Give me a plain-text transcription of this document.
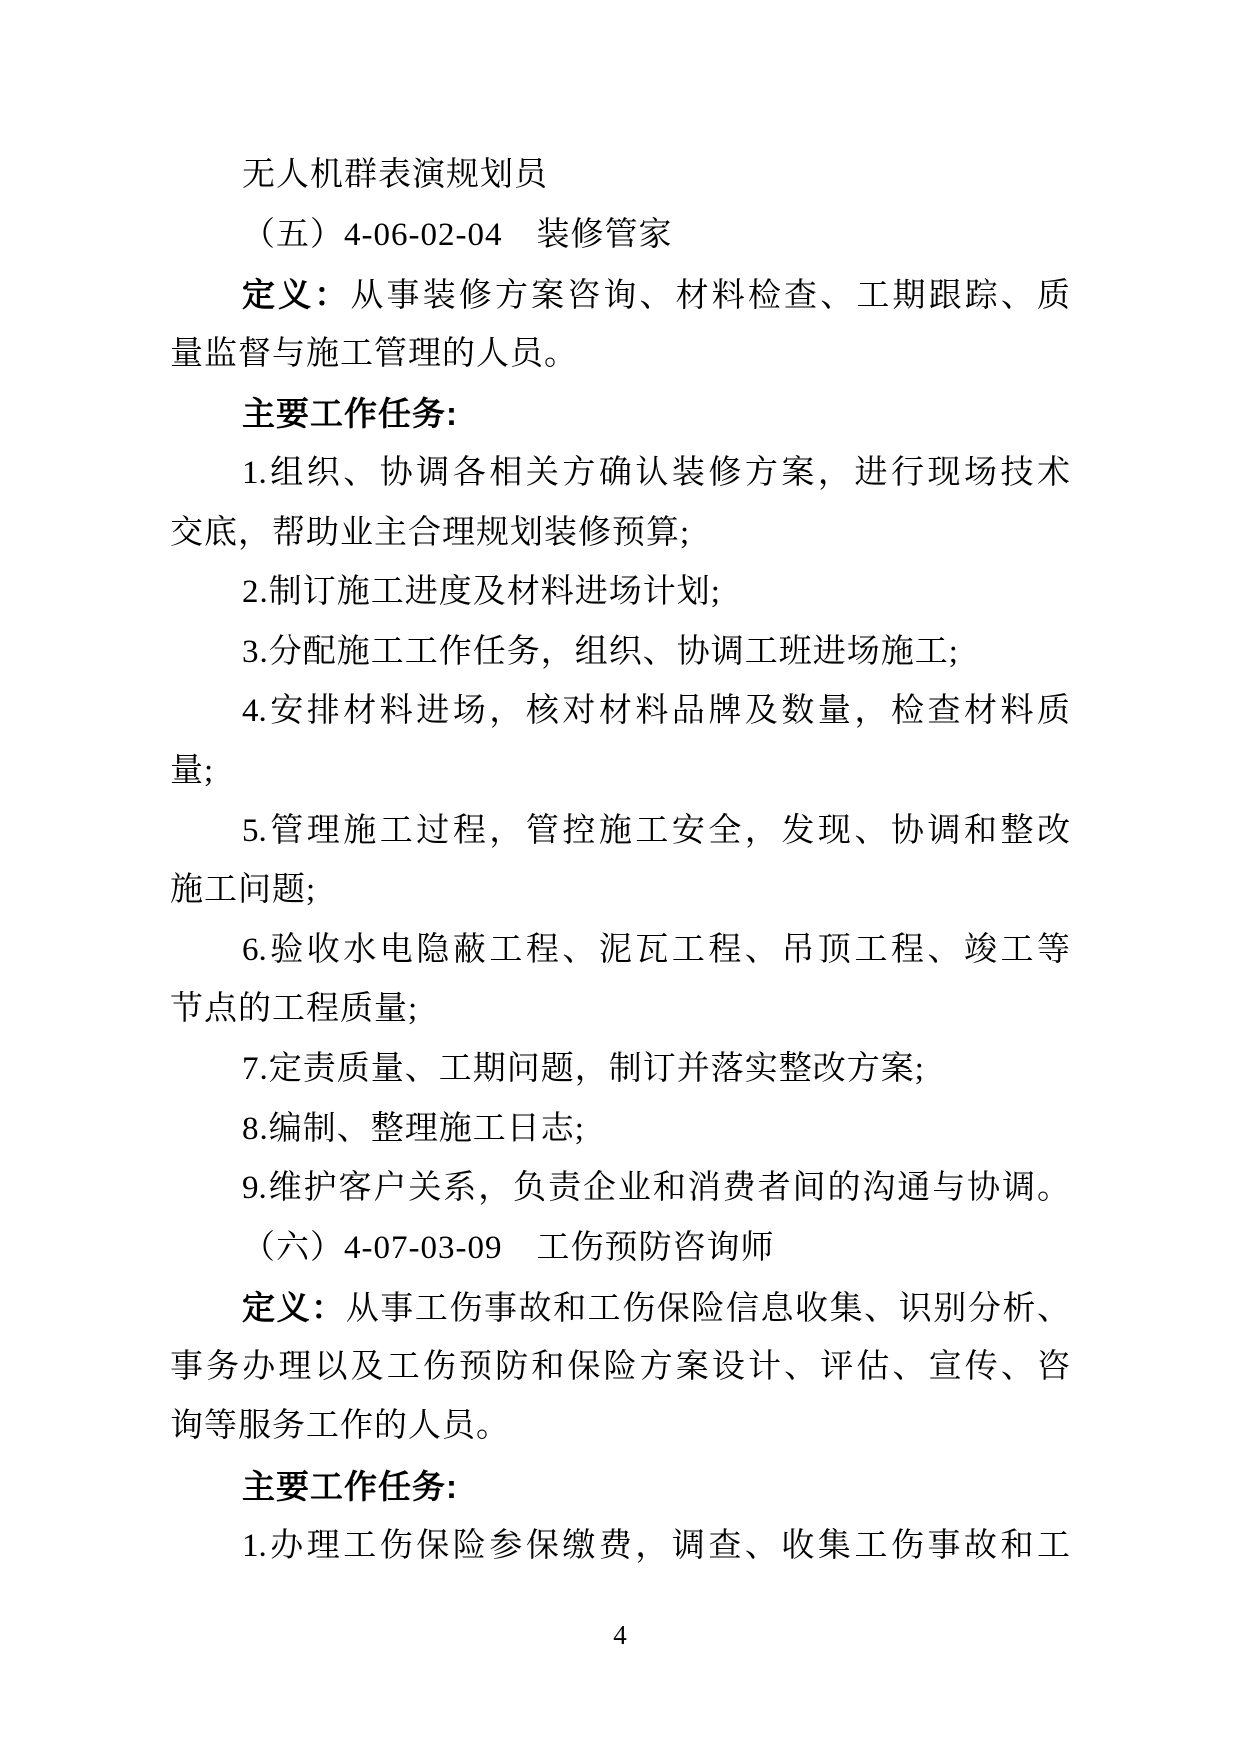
无人机群表演规划员
（五）4-06-02-04　装修管家
定义：从事装修方案咨询、材料检查、工期跟踪、质
量监督与施工管理的人员。
主要工作任务:
1.组织、协调各相关方确认装修方案，进行现场技术
交底，帮助业主合理规划装修预算;
2.制订施工进度及材料进场计划;
3.分配施工工作任务，组织、协调工班进场施工;
4.安排材料进场，核对材料品牌及数量，检查材料质
量;
5.管理施工过程，管控施工安全，发现、协调和整改
施工问题;
6.验收水电隐蔽工程、泥瓦工程、吊顶工程、竣工等
节点的工程质量;
7.定责质量、工期问题，制订并落实整改方案;
8.编制、整理施工日志;
9.维护客户关系，负责企业和消费者间的沟通与协调。
（六）4-07-03-09　工伤预防咨询师
定义：从事工伤事故和工伤保险信息收集、识别分析、
事务办理以及工伤预防和保险方案设计、评估、宣传、咨
询等服务工作的人员。
主要工作任务:
1.办理工伤保险参保缴费，调查、收集工伤事故和工
4
